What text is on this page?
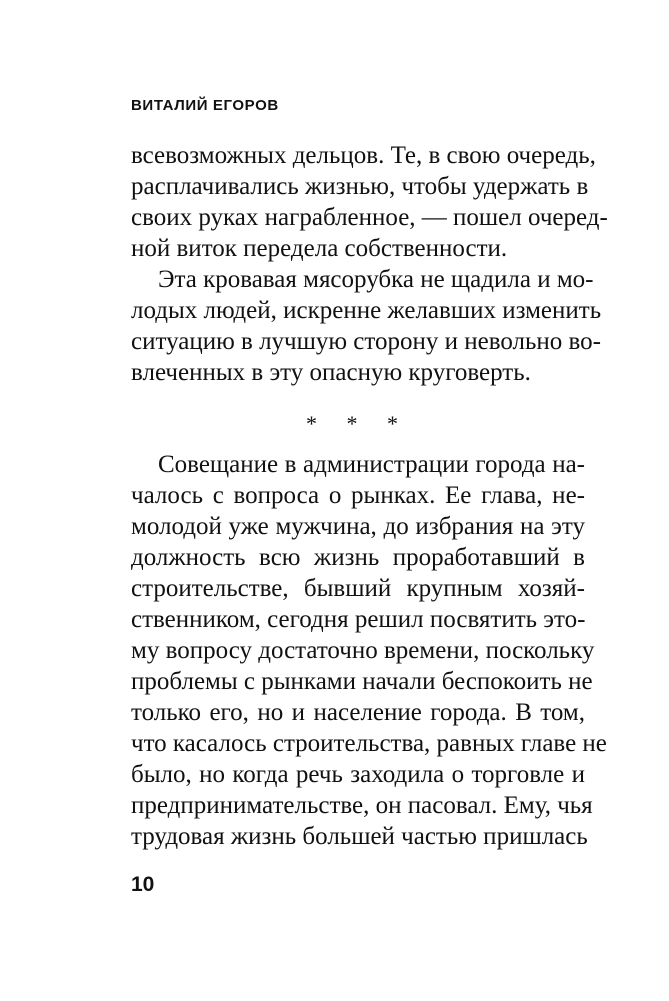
ВИТАЛИЙ ЕГОРОВ
всевозможных дельцов. Те, в свою очередь,
расплачивались жизнью, чтобы удержать в
своих руках награбленное, — пошел очеред-
ной виток передела собственности.
Эта кровавая мясорубка не щадила и мо-
лодых людей, искренне желавших изменить
ситуацию в лучшую сторону и невольно во-
влеченных в эту опасную круговерть.
* * *
Совещание в администрации города на-
чалось с вопроса о рынках. Ее глава, не-
молодой уже мужчина, до избрания на эту
должность всю жизнь проработавший в
строительстве, бывший крупным хозяй-
ственником, сегодня решил посвятить это-
му вопросу достаточно времени, поскольку
проблемы с рынками начали беспокоить не
только его, но и население города. В том,
что касалось строительства, равных главе не
было, но когда речь заходила о торговле и
предпринимательстве, он пасовал. Ему, чья
трудовая жизнь большей частью пришлась
10
